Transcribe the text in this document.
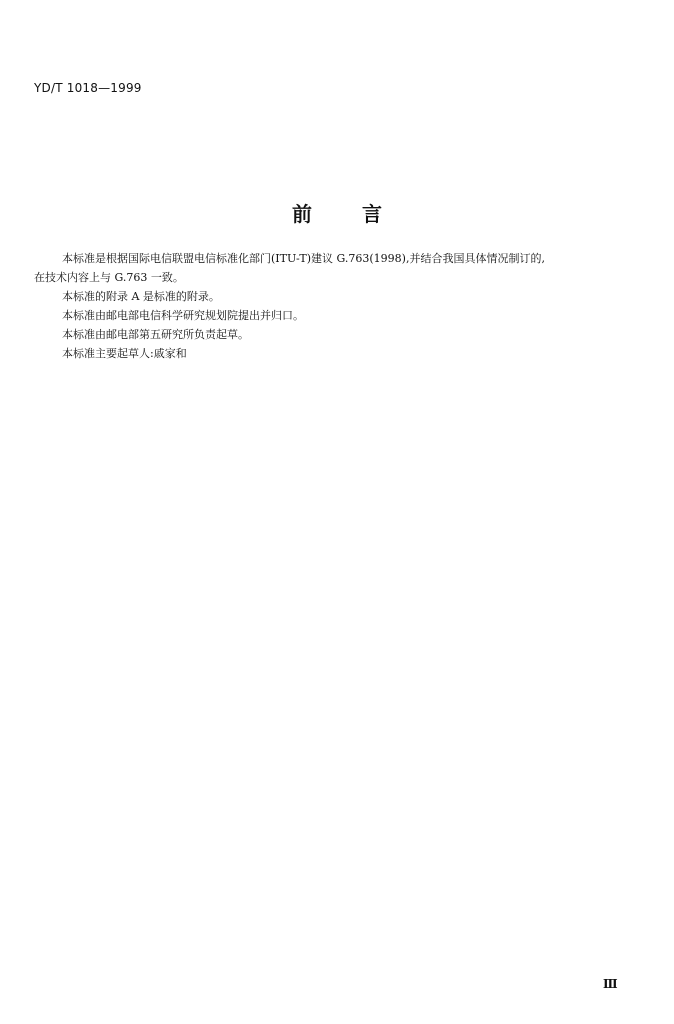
YD/T 1018—1999
前	言

本标准是根据国际电信联盟电信标准化部门(ITU-T)建议 G.763(1998),并结合我国具体情况制订的,

在技术内容上与 G.763 一致。

本标准的附录 A 是标准的附录。

本标准由邮电部电信科学研究规划院提出并归口。

本标准由邮电部第五研究所负责起草。

本标准主要起草人:戚家和

Ⅲ
